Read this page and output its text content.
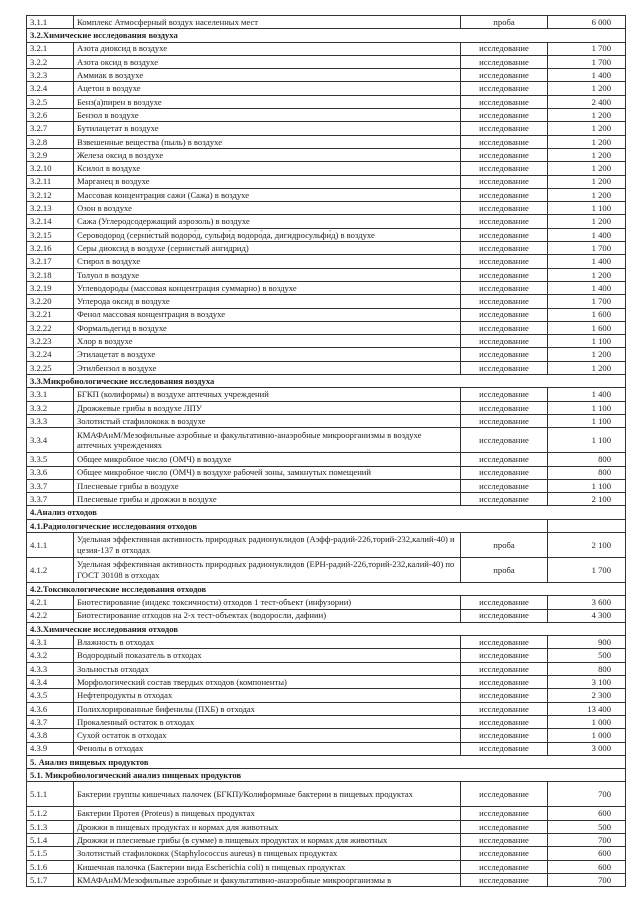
3.1.1	Комплекс Атмосферный воздух населенных мест	проба	6 000
3.2.Химические исследования воздуха			
3.2.1	Азота диоксид в воздухе	исследование	1 700
3.2.2	Азота оксид в воздухе	исследование	1 700
3.2.3	Аммиак в воздухе	исследование	1 400
3.2.4	Ацетон в воздухе	исследование	1 200
3.2.5	Бенз(а)пирен в воздухе	исследование	2 400
3.2.6	Бензол в воздухе	исследование	1 200
3.2.7	Бутилацетат в воздухе	исследование	1 200
3.2.8	Взвешенные вещества (пыль) в воздухе	исследование	1 200
3.2.9	Железа оксид в воздухе	исследование	1 200
3.2.10	Ксилол в воздухе	исследование	1 200
3.2.11	Марганец в воздухе	исследование	1 200
3.2.12	Массовая концентрация сажи (Сажа) в воздухе	исследование	1 200
3.2.13	Озон в воздухе	исследование	1 100
3.2.14	Сажа (Углеродсодержащий аэрозоль) в воздухе	исследование	1 200
3.2.15	Сероводород (серни́стый водоро́д, сульфи́д водоро́да, дигидросульфи́д) в воздухе	исследование	1 400
3.2.16	Серы диоксид в воздухе (сернистый ангидрид)	исследование	1 700
3.2.17	Стирол в воздухе	исследование	1 400
3.2.18	Толуол в воздухе	исследование	1 200
3.2.19	Углеводороды (массовая концентрация суммарно) в воздухе	исследование	1 400
3.2.20	Углерода оксид в воздухе	исследование	1 700
3.2.21	Фенол массовая концентрация в воздухе	исследование	1 600
3.2.22	Формальдегид в воздухе	исследование	1 600
3.2.23	Хлор в воздухе	исследование	1 100
3.2.24	Этилацетат в воздухе	исследование	1 200
3.2.25	Этилбензол в воздухе	исследование	1 200
3.3.Микробиологические исследования воздуха			
3.3.1	БГКП (колиформы) в воздухе аптечных учреждений	исследование	1 400
3.3.2	Дрожжевые грибы в воздухе ЛПУ	исследование	1 100
3.3.3	Золотистый стафилококк в воздухе	исследование	1 100
3.3.4	КМАФАнМ/Мезофильные аэробные и факультативно-анаэробные микроорганизмы в воздухе аптечных учреждениях	исследование	1 100
3.3.5	Общее микробное число (ОМЧ) в воздухе	исследование	800
3.3.6	Общее микробное число (ОМЧ) в воздухе рабочей зоны, замкнутых помещений	исследование	800
3.3.7	Плесневые грибы в воздухе	исследование	1 100
3.3.7	Плесневые грибы и дрожжи в воздухе	исследование	2 100
4.Анализ отходов			
4.1.Радиологические исследования отходов			
4.1.1	Удельная эффективная активность природных радионуклидов (Аэфф-радий-226,торий-232,калий-40) и цезия-137 в отходах	проба	2 100
4.1.2	Удельная эффективная активность природных радионуклидов (ЕРН-радий-226,торий-232,калий-40) по ГОСТ 30108 в отходах	проба	1 700
4.2.Токсикологические исследования отходов			
4.2.1	Биотестирование (индекс токсичности) отходов 1 тест-объект (инфузории)	исследование	3 600
4.2.2	Биотестирование отходов на 2-х тест-объектах (водоросли, дафнии)	исследование	4 300
4.3.Химические исследования отходов			
4.3.1	Влажность в отходах	исследование	900
4.3.2	Водородный показатель в отходах	исследование	500
4.3.3	Зольностьв отходах	исследование	800
4.3.4	Морфологический состав твердых отходов (компоненты)	исследование	3 100
4.3.5	Нефтепродукты в отходах	исследование	2 300
4.3.6	Полихлорированные бифенилы (ПХБ) в отходах	исследование	13 400
4.3.7	Прокаленный остаток в отходах	исследование	1 000
4.3.8	Сухой остаток в отходах	исследование	1 000
4.3.9	Фенолы в отходах	исследование	3 000
5. Анализ пищевых продуктов			
5.1. Микробиологический анализ пищевых продуктов			
5.1.1	Бактерии группы кишечных палочек (БГКП)/Колиформные бактерии в пищевых продуктах	исследование	700
5.1.2	Бактерии Протея (Proteus) в пищевых продуктах	исследование	600
5.1.3	Дрожжи в пищевых продуктах и кормах для животных	исследование	500
5.1.4	Дрожжи и плесневые грибы (в сумме) в пищевых продуктах и кормах для животных	исследование	700
5.1.5	Золотистый стафилококк (Staphylococcus aureus) в пищевых продуктах	исследование	600
5.1.6	Кишечная палочка (Бактерии вида Escherichia coli) в пищевых продуктах	исследование	600
5.1.7	КМАФАнМ/Мезофильные аэробные и факультативно-анаэробные микроорганизмы в	исследование	700
